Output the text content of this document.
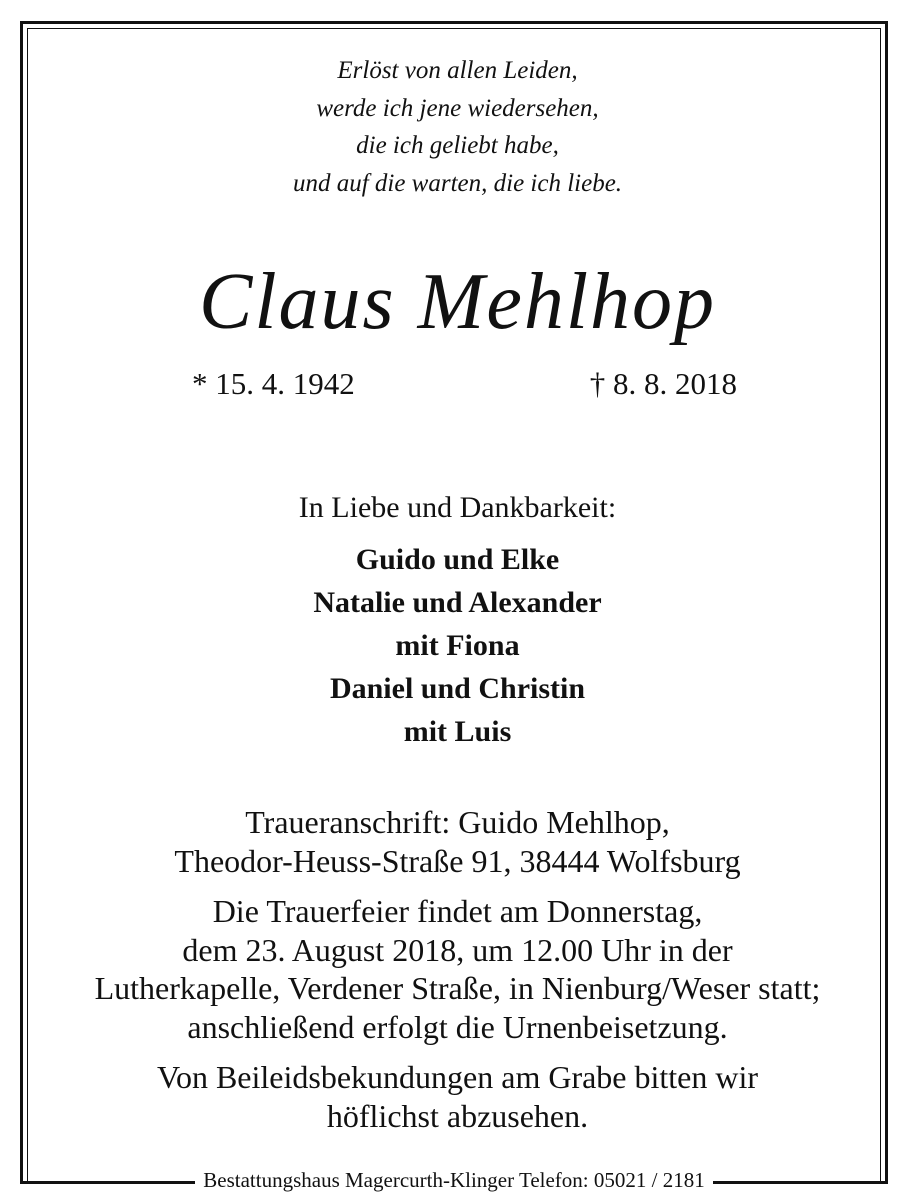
Erlöst von allen Leiden,
werde ich jene wiedersehen,
die ich geliebt habe,
und auf die warten, die ich liebe.
Claus Mehlhop
* 15. 4. 1942	† 8. 8. 2018
In Liebe und Dankbarkeit:
Guido und Elke
Natalie und Alexander
mit Fiona
Daniel und Christin
mit Luis
Traueranschrift: Guido Mehlhop,
Theodor-Heuss-Straße 91, 38444 Wolfsburg
Die Trauerfeier findet am Donnerstag,
dem 23. August 2018, um 12.00 Uhr in der
Lutherkapelle, Verdener Straße, in Nienburg/Weser statt;
anschließend erfolgt die Urnenbeisetzung.
Von Beileidsbekundungen am Grabe bitten wir
höflichst abzusehen.
Bestattungshaus Magercurth-Klinger Telefon: 05021 / 2181
